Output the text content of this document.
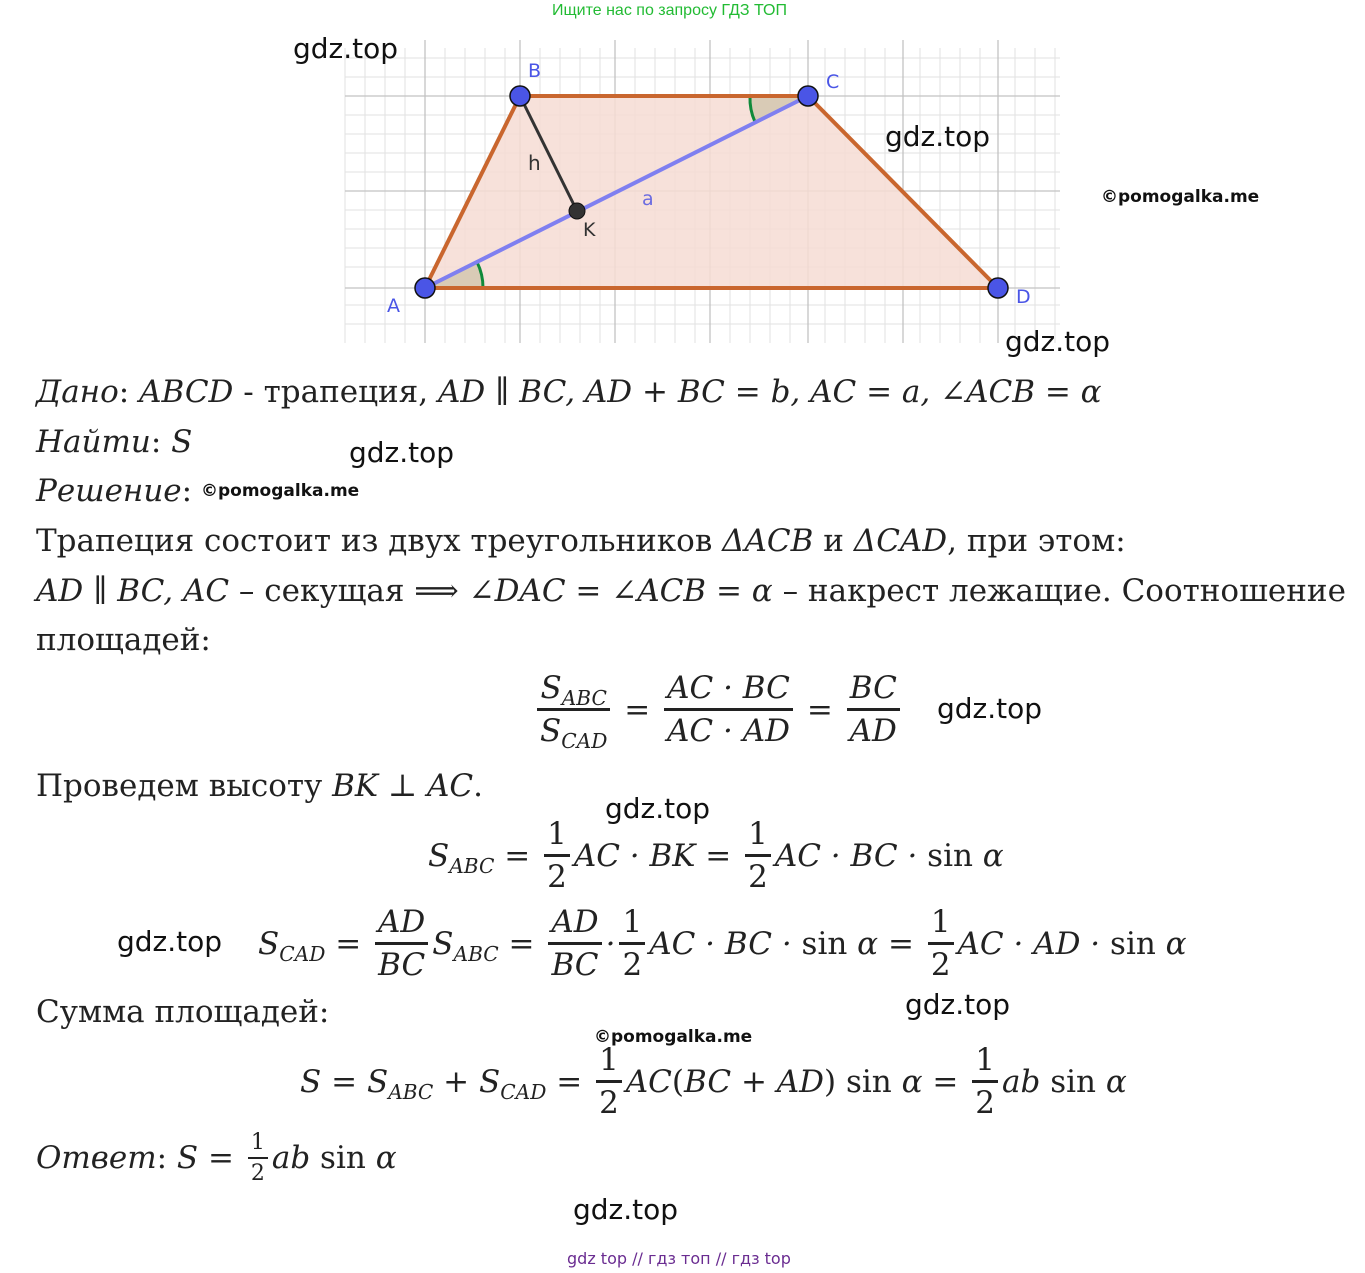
Ищите нас по запросу ГДЗ ТОП
A
B	C
D
K
h
a
gdz.top
gdz.top
©pomogalka.me
gdz.top
gdz.top
©pomogalka.me
gdz.top
gdz.top
gdz.top
gdz.top
©pomogalka.me
gdz.top
Дано: ABCD - трапеция, AD ∥ BC, AD + BC = b, AC = a, ∠ACB = α
Найти: S
Решение:
Трапеция состоит из двух треугольников ΔACB и ΔCAD, при этом:
AD ∥ BC, AC – секущая ⟹ ∠DAC = ∠ACB = α – накрест лежащие. Соотношение
площадей:
$\frac{S_{ABC}}{S_{CAD}} = \frac{AC \cdot BC}{AC \cdot AD} = \frac{BC}{AD}$
Проведем высоту BK ⊥ AC.
$S_{ABC} = \frac{1}{2}$ AC · BK = $\frac{1}{2}$ AC · BC · sin α
$S_{CAD} = \frac{AD}{BC} S_{ABC} = \frac{AD}{BC} \cdot \frac{1}{2}$ AC · BC · $\sin \alpha = \frac{1}{2}$ AC · AD · sin α
Сумма площадей:
$S = S_{ABC} + S_{CAD} = \frac{1}{2} AC(BC + AD)$ $\sin \alpha = \frac{1}{2}$ ab sin α
Ответ : $S = \frac{1}{2}$ ab sin α
gdz top // гдз топ // гдз top
